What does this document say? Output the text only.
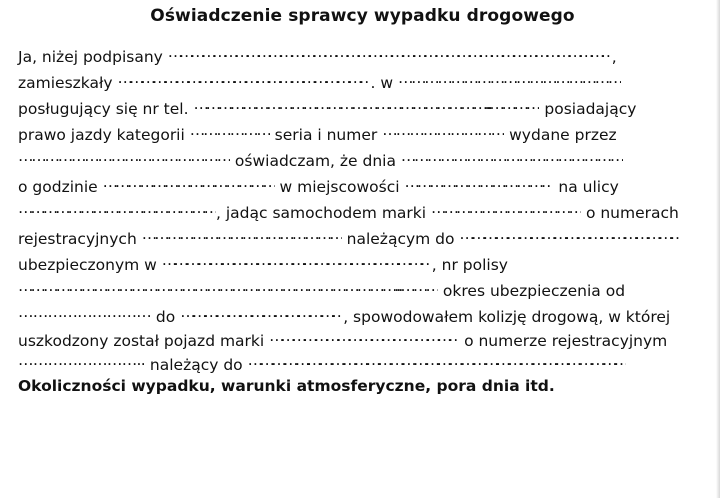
Oświadczenie sprawcy wypadku drogowego
Ja, niżej podpisany …………………………………………………………………………………………………………,
zamieszkały …………………………………………………………. w ……………………………………………
posługujący się nr tel. ………………………………………………………………...…………. posiadający
prawo jazdy kategorii ……………… seria i numer ……………………… wydane przez
………………………………………… oświadczam, że dnia ……………………………………………
o godzinie …………………………………… w miejscowości ……………………………… na ulicy
…………………………………………, jadąc samochodem marki ……………………………… o numerach
rejestracyjnych ………………………………………… należącym do …………………………………………………
ubezpieczonym w ……………………………………………………………, nr polisy
………………………………………………………………………………...……… okres ubezpieczenia od
……………………… do ……………………………………, spowodowałem kolizję drogową, w której
uszkodzony został pojazd marki …………………………………………… o numerze rejestracyjnym
…………………….. należący do ……………………………………………………………………………………
Okoliczności wypadku, warunki atmosferyczne, pora dnia itd.
